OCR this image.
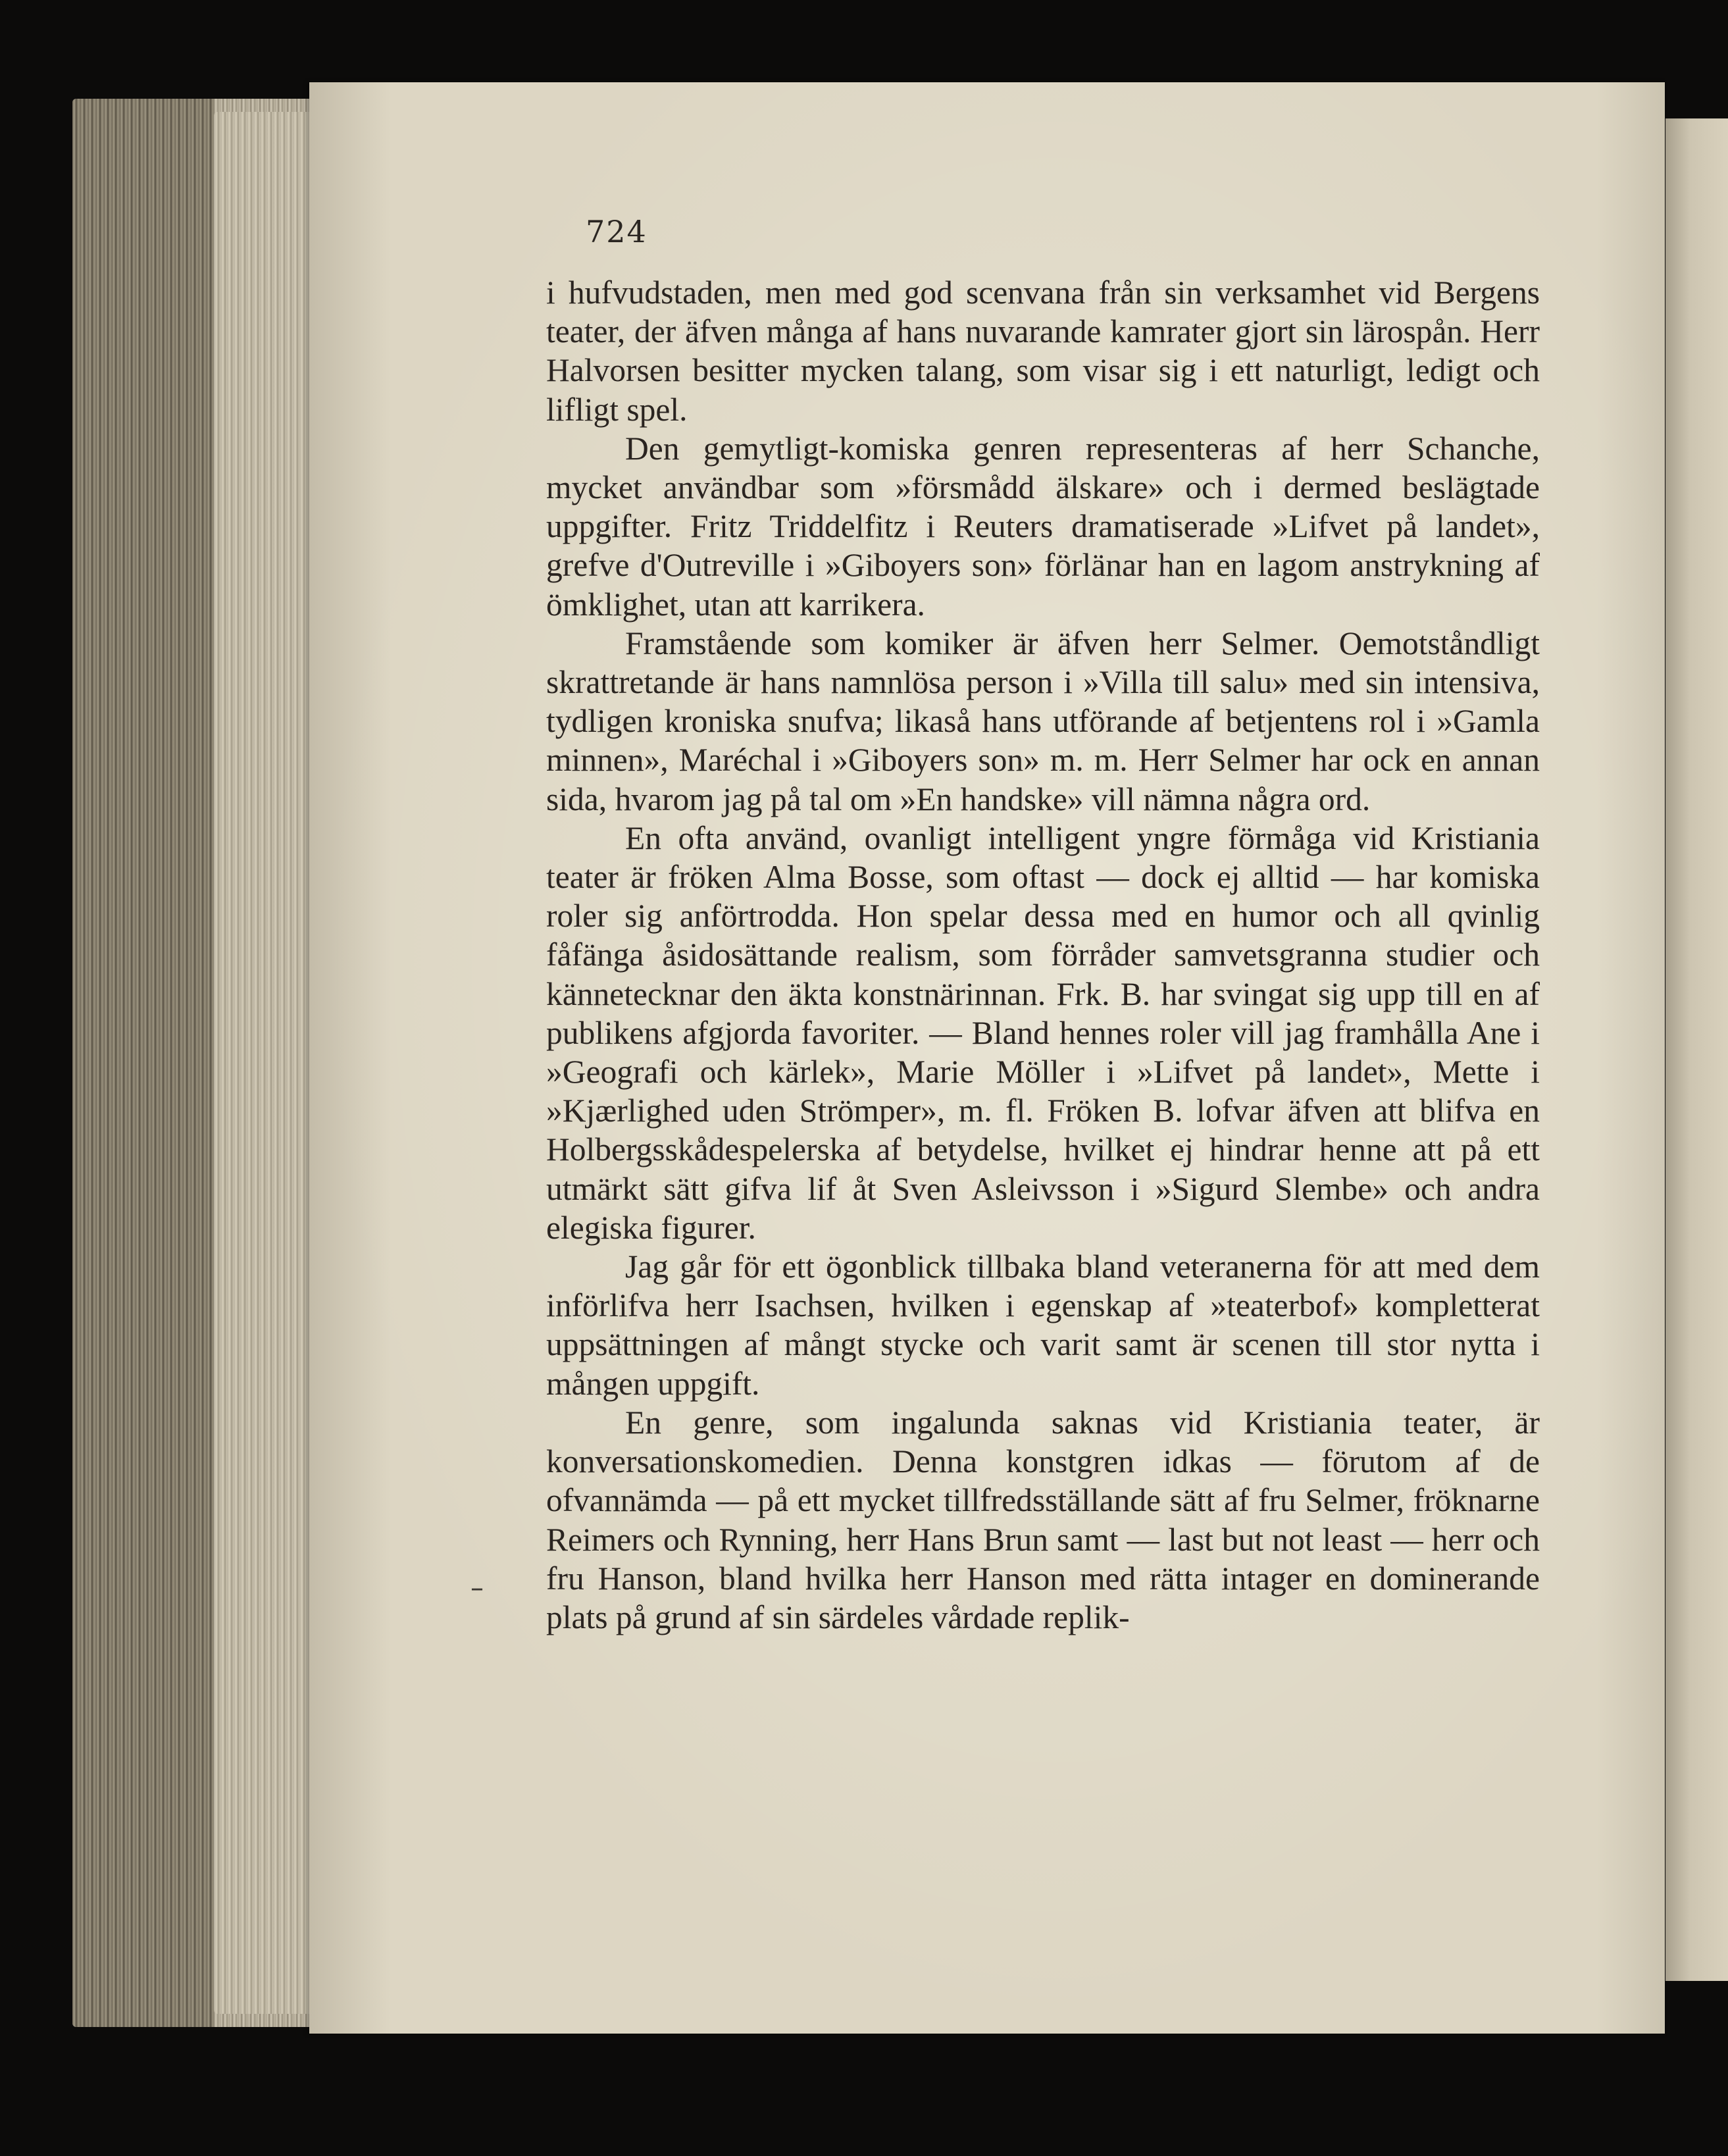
724

i hufvudstaden, men med god scenvana från sin verksamhet vid Bergens teater, der äfven många af hans nuvarande kamrater gjort sin lärospån. Herr Halvorsen besitter mycken talang, som visar sig i ett naturligt, ledigt och lifligt spel.

Den gemytligt-komiska genren representeras af herr Schanche, mycket användbar som »försmådd älskare» och i dermed beslägtade uppgifter. Fritz Triddelfitz i Reuters dramatiserade »Lifvet på landet», grefve d'Outreville i »Giboyers son» förlänar han en lagom anstrykning af ömklighet, utan att karrikera.

Framstående som komiker är äfven herr Selmer. Oemotståndligt skrattretande är hans namnlösa person i »Villa till salu» med sin intensiva, tydligen kroniska snufva; likaså hans utförande af betjentens rol i »Gamla minnen», Maréchal i »Giboyers son» m. m. Herr Selmer har ock en annan sida, hvarom jag på tal om »En handske» vill nämna några ord.

En ofta använd, ovanligt intelligent yngre förmåga vid Kristiania teater är fröken Alma Bosse, som oftast — dock ej alltid — har komiska roler sig anförtrodda. Hon spelar dessa med en humor och all qvinlig fåfänga åsidosättande realism, som förråder samvetsgranna studier och kännetecknar den äkta konstnärinnan. Frk. B. har svingat sig upp till en af publikens afgjorda favoriter. — Bland hennes roler vill jag framhålla Ane i »Geografi och kärlek», Marie Möller i »Lifvet på landet», Mette i »Kjærlighed uden Strömper», m. fl. Fröken B. lofvar äfven att blifva en Holbergsskådespelerska af betydelse, hvilket ej hindrar henne att på ett utmärkt sätt gifva lif åt Sven Asleivsson i »Sigurd Slembe» och andra elegiska figurer.

Jag går för ett ögonblick tillbaka bland veteranerna för att med dem införlifva herr Isachsen, hvilken i egenskap af »teaterbof» kompletterat uppsättningen af mångt stycke och varit samt är scenen till stor nytta i mången uppgift.

En genre, som ingalunda saknas vid Kristiania teater, är konversationskomedien. Denna konstgren idkas — förutom af de ofvannämda — på ett mycket tillfredsställande sätt af fru Selmer, fröknarne Reimers och Rynning, herr Hans Brun samt — last but not least — herr och fru Hanson, bland hvilka herr Hanson med rätta intager en dominerande plats på grund af sin särdeles vårdade replik-

–
